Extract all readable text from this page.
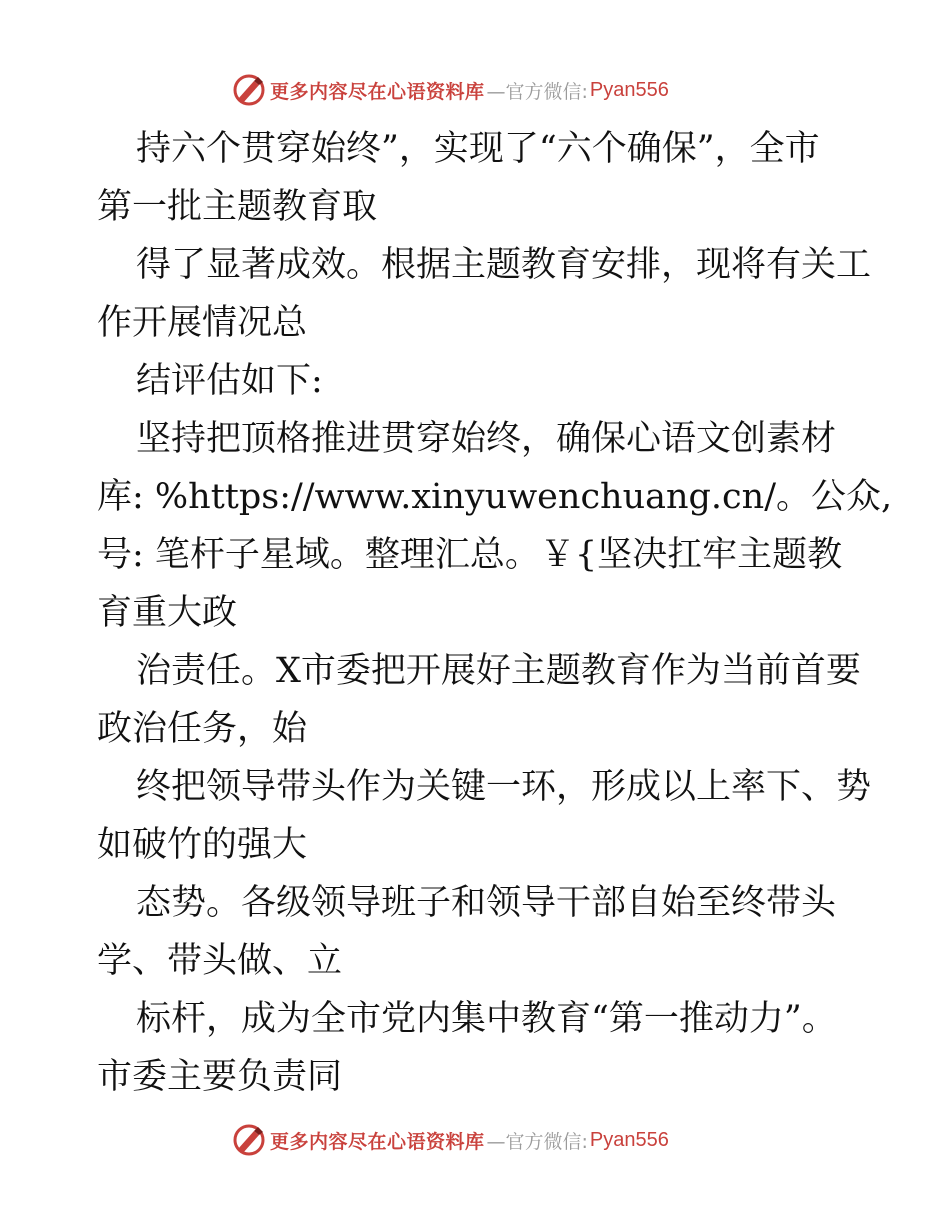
更多内容尽在心语资料库 —官方微信: Pyan556
持六个贯穿始终”，实现了“六个确保”，全市
第一批主题教育取
得了显著成效。根据主题教育安排，现将有关工
作开展情况总
结评估如下:
坚持把顶格推进贯穿始终，确保心语文创素材
库: %https://www.xinyuwenchuang.cn/。公众,
号: 笔杆子星域。整理汇总。￥{坚决扛牢主题教
育重大政
治责任。X市委把开展好主题教育作为当前首要
政治任务，始
终把领导带头作为关键一环，形成以上率下、势
如破竹的强大
态势。各级领导班子和领导干部自始至终带头
学、带头做、立
标杆，成为全市党内集中教育“第一推动力”。
市委主要负责同
更多内容尽在心语资料库 —官方微信: Pyan556
